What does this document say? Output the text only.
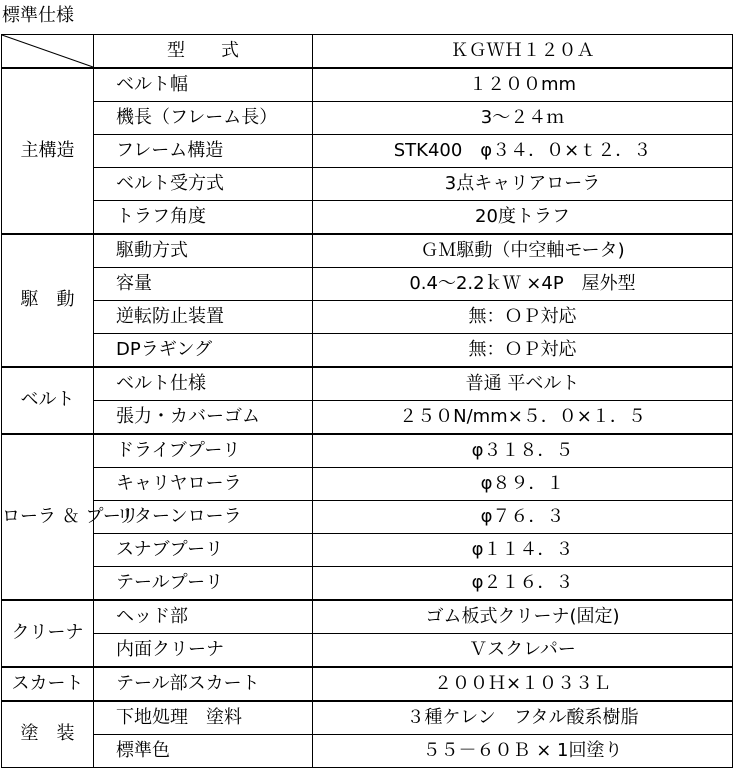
標準仕様
	型　　式	ＫＧＷＨ１２０Ａ
主構造	ベルト幅	１２００mm
	機長（フレーム長）	3～２４ｍ
	フレーム構造	STK400　φ３４．０×ｔ２．３
	ベルト受方式	3点キャリアローラ
	トラフ角度	20度トラフ
駆　動	駆動方式	ＧＭ駆動（中空軸モータ)
	容量	0.4～2.2ｋＷ ×4P　屋外型
	逆転防止装置	無：ＯＰ対応
	DPラギング	無：ＯＰ対応
ベルト	ベルト仕様	普通 平ベルト
	張力・カバーゴム	２５０N/mm×５．０×１．５
ローラ ＆ プーリ	ドライブプーリ	φ３１８．５
	キャリヤローラ	φ８９．１
	リターンローラ	φ７６．３
	スナブプーリ	φ１１４．３
	テールプーリ	φ２１６．３
クリーナ	ヘッド部	ゴム板式クリーナ(固定)
	内面クリーナ	Ｖスクレパー
スカート	テール部スカート	２００Ｈ×１０３３Ｌ
塗　装	下地処理　塗料	３種ケレン　フタル酸系樹脂
	標準色	５５－６０Ｂ × 1回塗り
